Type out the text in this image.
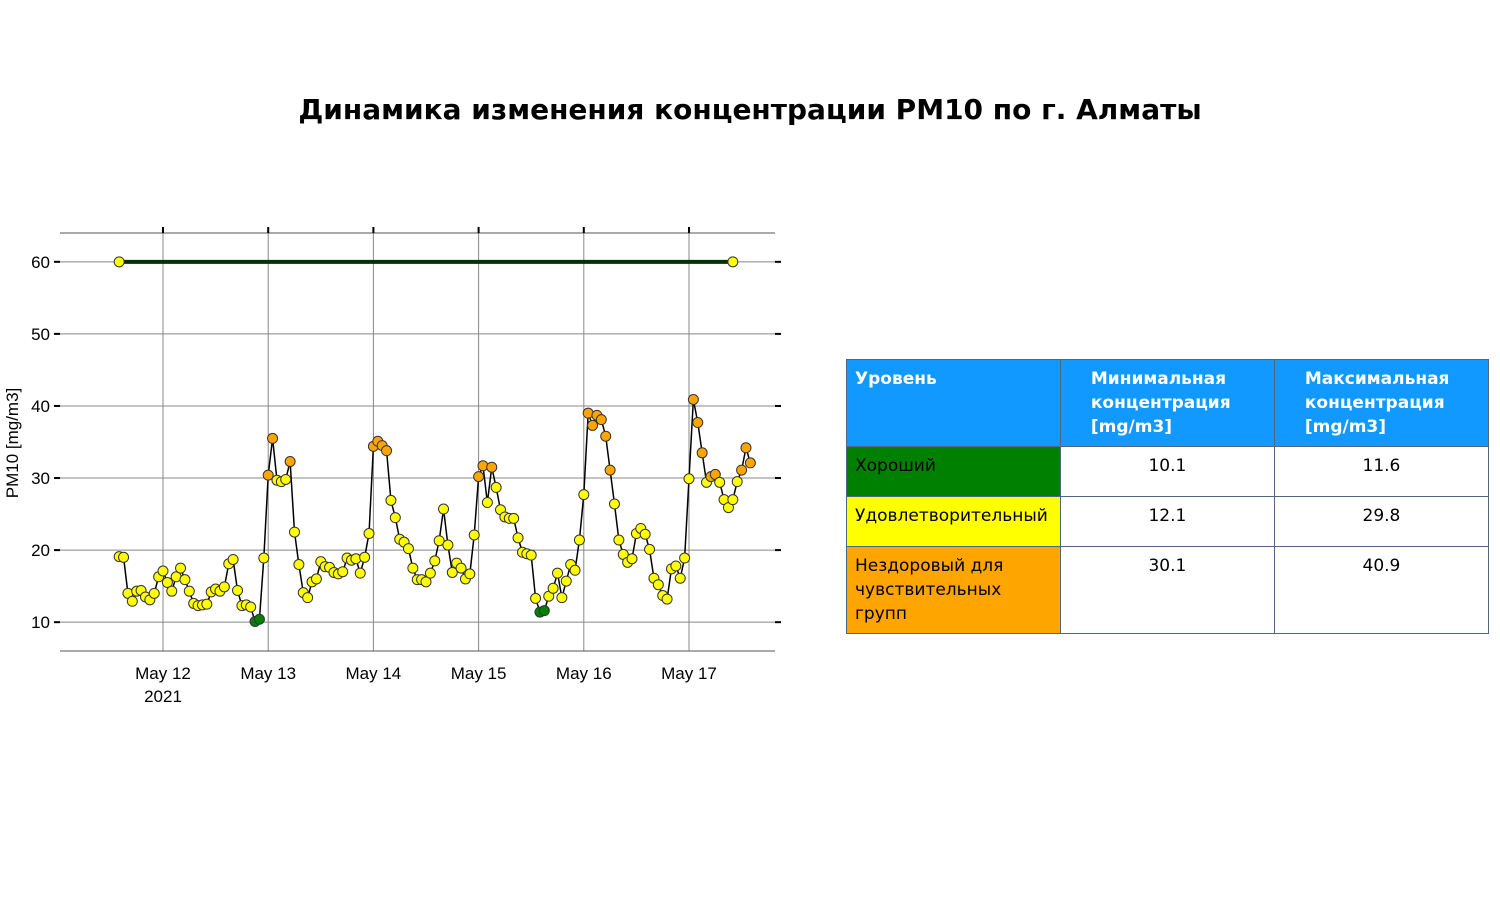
Динамика изменения концентрации PM10 по г. Алматы
10
20
30
40
50
60
May 12
2021
May 13	May 14	May 15	May 16	May 17
PM10 [mg/m3]
Уровень	Минимальная концентрация [mg/m3]	Максимальная концентрация [mg/m3]
Хороший	10.1	11.6
Удовлетворительный	12.1	29.8
Нездоровый для чувствительных групп	30.1	40.9
